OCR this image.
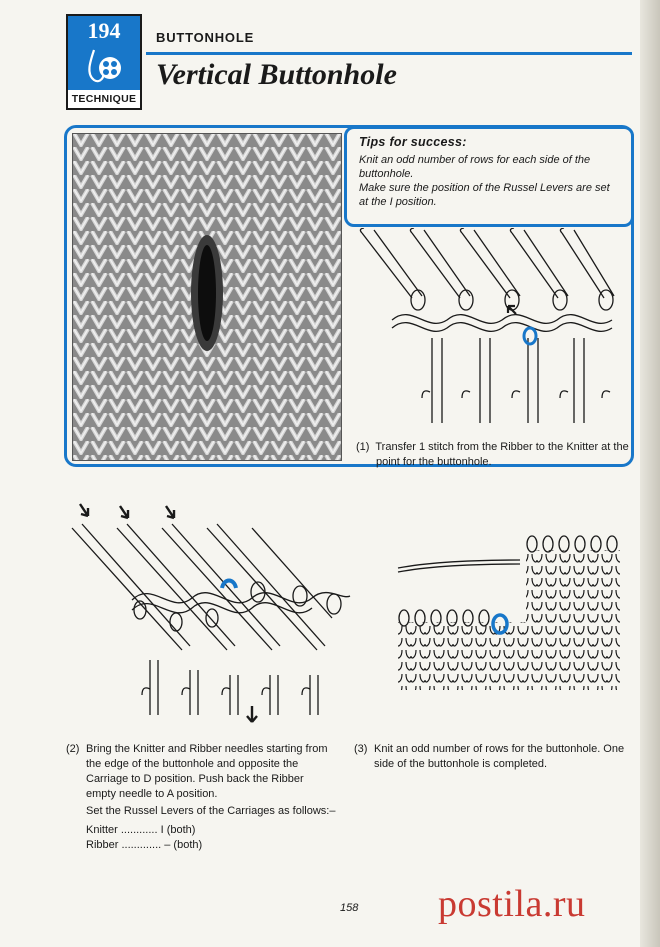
194
TECHNIQUE
BUTTONHOLE
Vertical Buttonhole
Tips for success:
Knit an odd number of rows for each side of the buttonhole.
Make sure the position of the Russel Levers are set at the I position.
(1) Transfer 1 stitch from the Ribber to the Knitter at the point for the buttonhole.
(2) Bring the Knitter and Ribber needles starting from the edge of the buttonhole and opposite the Carriage to D position. Push back the Ribber empty needle to A position.
Set the Russel Levers of the Carriages as follows:–
Knitter ............ I (both)
Ribber ............. – (both)
(3) Knit an odd number of rows for the buttonhole. One side of the buttonhole is completed.
158 postila.ru
